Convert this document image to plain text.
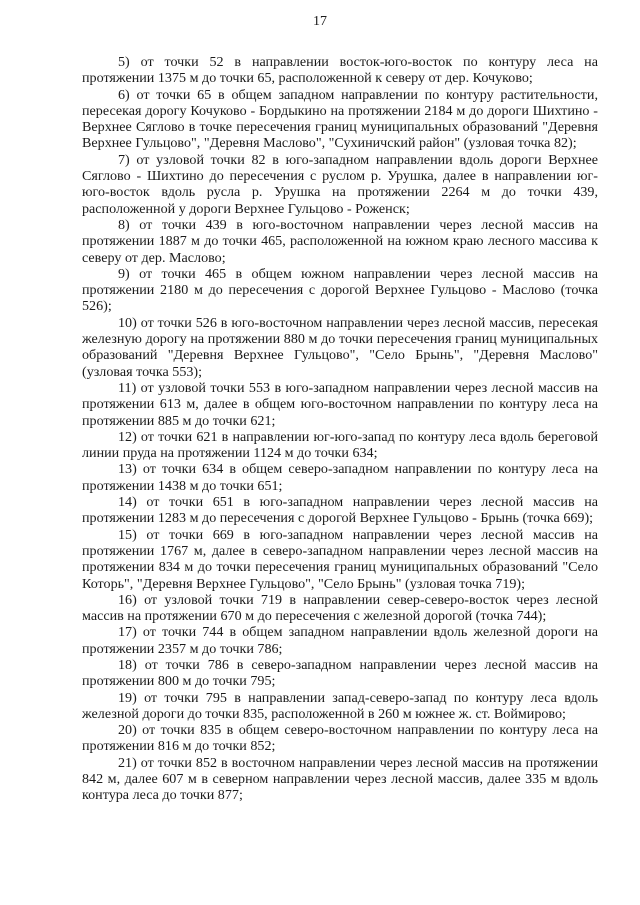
17

5) от точки 52 в направлении восток-юго-восток по контуру леса на протяжении 1375 м до точки 65, расположенной к северу от дер. Кочуково;

6) от точки 65 в общем западном направлении по контуру растительности, пересекая дорогу Кочуково - Бордыкино на протяжении 2184 м до дороги Шихтино - Верхнее Сяглово в точке пересечения границ муниципальных образований "Деревня Верхнее Гульцово", "Деревня Маслово", "Сухиничский район" (узловая точка 82);

7) от узловой точки 82 в юго-западном направлении вдоль дороги Верхнее Сяглово - Шихтино до пересечения с руслом р. Урушка, далее в направлении юг-юго-восток вдоль русла р. Урушка на протяжении 2264 м до точки 439, расположенной у дороги Верхнее Гульцово - Роженск;

8) от точки 439 в юго-восточном направлении через лесной массив на протяжении 1887 м до точки 465, расположенной на южном краю лесного массива к северу от дер. Маслово;

9) от точки 465 в общем южном направлении через лесной массив на протяжении 2180 м до пересечения с дорогой Верхнее Гульцово - Маслово (точка 526);

10) от точки 526 в юго-восточном направлении через лесной массив, пересекая железную дорогу на протяжении 880 м до точки пересечения границ муниципальных образований "Деревня Верхнее Гульцово", "Село Брынь", "Деревня Маслово" (узловая точка 553);

11) от узловой точки 553 в юго-западном направлении через лесной массив на протяжении 613 м, далее в общем юго-восточном направлении по контуру леса на протяжении 885 м до точки 621;

12) от точки 621 в направлении юг-юго-запад по контуру леса вдоль береговой линии пруда на протяжении 1124 м до точки 634;

13) от точки 634 в общем северо-западном направлении по контуру леса на протяжении 1438 м до точки 651;

14) от точки 651 в юго-западном направлении через лесной массив на протяжении 1283 м до пересечения с дорогой Верхнее Гульцово - Брынь (точка 669);

15) от точки 669 в юго-западном направлении через лесной массив на протяжении 1767 м, далее в северо-западном направлении через лесной массив на протяжении 834 м до точки пересечения границ муниципальных образований "Село Которь", "Деревня Верхнее Гульцово", "Село Брынь" (узловая точка 719);

16) от узловой точки 719 в направлении север-северо-восток через лесной массив на протяжении 670 м до пересечения с железной дорогой (точка 744);

17) от точки 744 в общем западном направлении вдоль железной дороги на протяжении 2357 м до точки 786;

18) от точки 786 в северо-западном направлении через лесной массив на протяжении 800 м до точки 795;

19) от точки 795 в направлении запад-северо-запад по контуру леса вдоль железной дороги до точки 835, расположенной в 260 м южнее ж. ст. Воймирово;

20) от точки 835 в общем северо-восточном направлении по контуру леса на протяжении 816 м до точки 852;

21) от точки 852 в восточном направлении через лесной массив на протяжении 842 м, далее 607 м в северном направлении через лесной массив, далее 335 м вдоль контура леса до точки 877;
